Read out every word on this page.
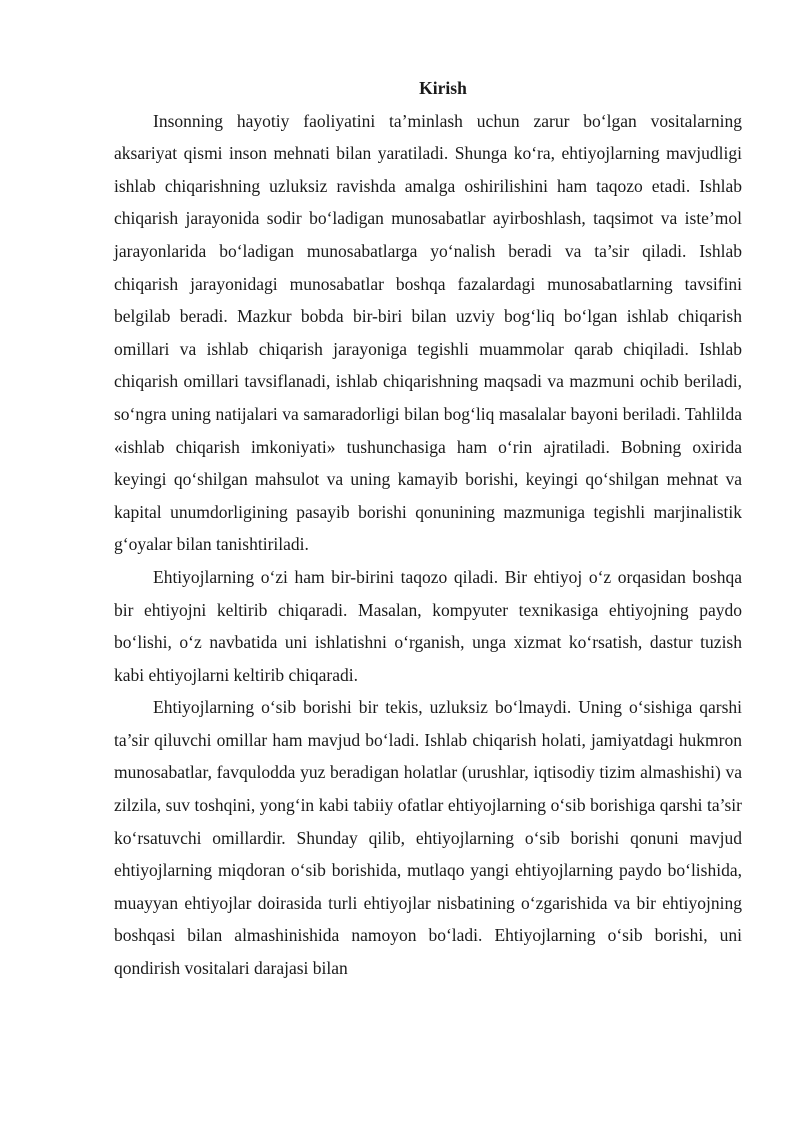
Kirish

Insonning hayotiy faoliyatini ta’minlash uchun zarur bo‘lgan vositalarning aksariyat qismi inson mehnati bilan yaratiladi. Shunga ko‘ra, ehtiyojlarning mavjudligi ishlab chiqarishning uzluksiz ravishda amalga oshirilishini ham taqozo etadi. Ishlab chiqarish jarayonida sodir bo‘ladigan munosabatlar ayirboshlash, taqsimot va iste’mol jarayonlarida bo‘ladigan munosabatlarga yo‘nalish beradi va ta’sir qiladi. Ishlab chiqarish jarayonidagi munosabatlar boshqa fazalardagi munosabatlarning tavsifini belgilab beradi. Mazkur bobda bir-biri bilan uzviy bog‘liq bo‘lgan ishlab chiqarish omillari va ishlab chiqarish jarayoniga tegishli muammolar qarab chiqiladi. Ishlab chiqarish omillari tavsiflanadi, ishlab chiqarishning maqsadi va mazmuni ochib beriladi, so‘ngra uning natijalari va samaradorligi bilan bog‘liq masalalar bayoni beriladi. Tahlilda «ishlab chiqarish imkoniyati» tushunchasiga ham o‘rin ajratiladi. Bobning oxirida keyingi qo‘shilgan mahsulot va uning kamayib borishi, keyingi qo‘shilgan mehnat va kapital unumdorligining pasayib borishi qonunining mazmuniga tegishli marjinalistik g‘oyalar bilan tanishtiriladi.

Ehtiyojlarning o‘zi ham bir-birini taqozo qiladi. Bir ehtiyoj o‘z orqasidan boshqa bir ehtiyojni keltirib chiqaradi. Masalan, kompyuter texnikasiga ehtiyojning paydo bo‘lishi, o‘z navbatida uni ishlatishni o‘rganish, unga xizmat ko‘rsatish, dastur tuzish kabi ehtiyojlarni keltirib chiqaradi.

Ehtiyojlarning o‘sib borishi bir tekis, uzluksiz bo‘lmaydi. Uning o‘sishiga qarshi ta’sir qiluvchi omillar ham mavjud bo‘ladi. Ishlab chiqarish holati, jamiyatdagi hukmron munosabatlar, favqulodda yuz beradigan holatlar (urushlar, iqtisodiy tizim almashishi) va zilzila, suv toshqini, yong‘in kabi tabiiy ofatlar ehtiyojlarning o‘sib borishiga qarshi ta’sir ko‘rsatuvchi omillardir. Shunday qilib, ehtiyojlarning o‘sib borishi qonuni mavjud ehtiyojlarning miqdoran o‘sib borishida, mutlaqo yangi ehtiyojlarning paydo bo‘lishida, muayyan ehtiyojlar doirasida turli ehtiyojlar nisbatining o‘zgarishida va bir ehtiyojning boshqasi bilan almashinishida namoyon bo‘ladi. Ehtiyojlarning o‘sib borishi, uni qondirish vositalari darajasi bilan
